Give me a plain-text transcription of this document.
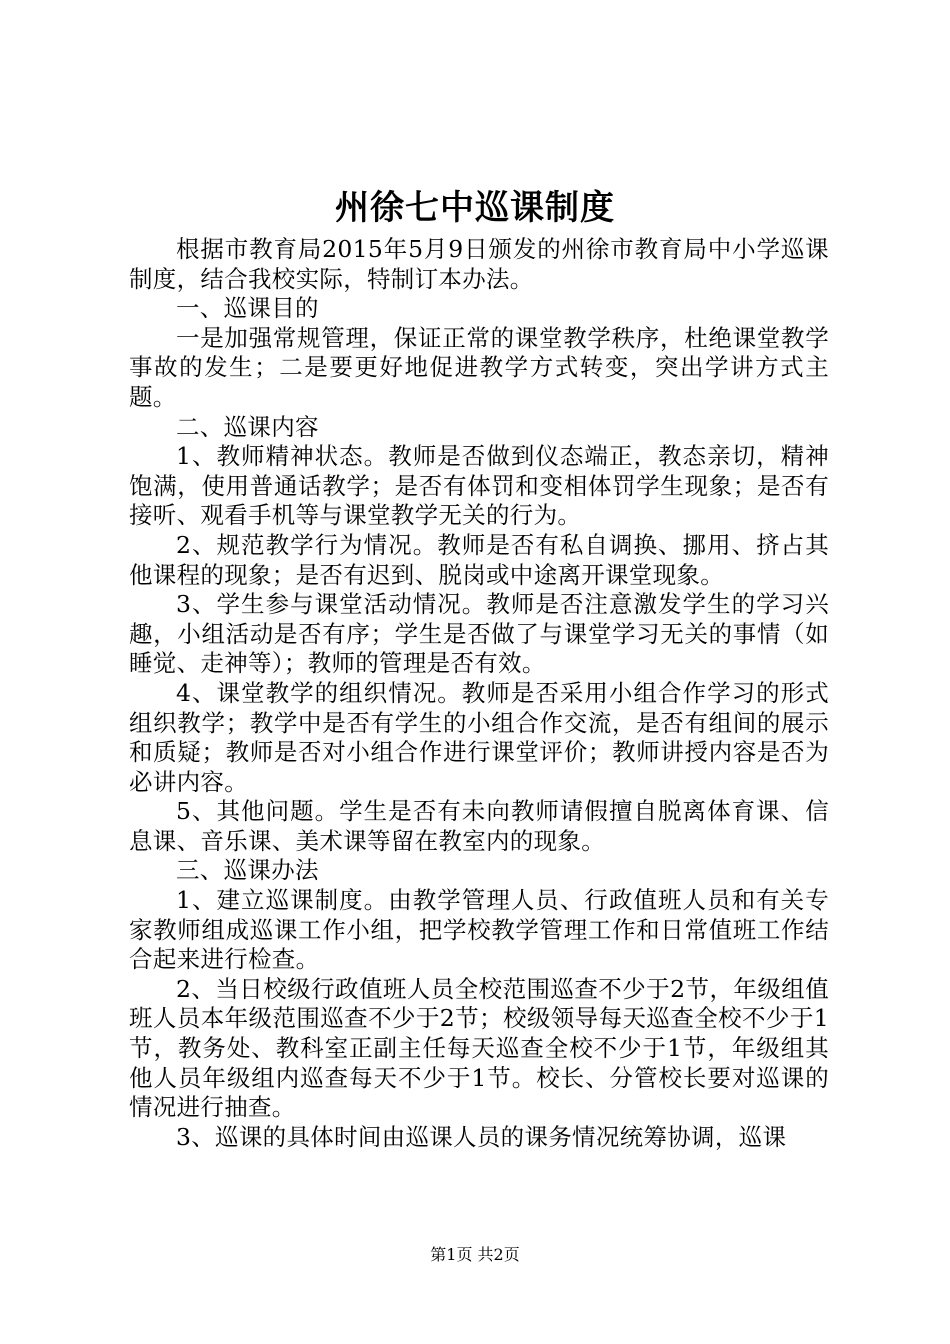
州徐七中巡课制度

根据市教育局2015年5月9日颁发的州徐市教育局中小学巡课制度，结合我校实际，特制订本办法。

一、巡课目的

一是加强常规管理，保证正常的课堂教学秩序，杜绝课堂教学事故的发生；二是要更好地促进教学方式转变，突出学讲方式主题。

二、巡课内容

1、教师精神状态。教师是否做到仪态端正，教态亲切，精神饱满，使用普通话教学；是否有体罚和变相体罚学生现象；是否有接听、观看手机等与课堂教学无关的行为。

2、规范教学行为情况。教师是否有私自调换、挪用、挤占其他课程的现象；是否有迟到、脱岗或中途离开课堂现象。

3、学生参与课堂活动情况。教师是否注意激发学生的学习兴趣，小组活动是否有序；学生是否做了与课堂学习无关的事情（如睡觉、走神等）；教师的管理是否有效。

4、课堂教学的组织情况。教师是否采用小组合作学习的形式组织教学；教学中是否有学生的小组合作交流，是否有组间的展示和质疑；教师是否对小组合作进行课堂评价；教师讲授内容是否为必讲内容。

5、其他问题。学生是否有未向教师请假擅自脱离体育课、信息课、音乐课、美术课等留在教室内的现象。

三、巡课办法

1、建立巡课制度。由教学管理人员、行政值班人员和有关专家教师组成巡课工作小组，把学校教学管理工作和日常值班工作结合起来进行检查。

2、当日校级行政值班人员全校范围巡查不少于2节，年级组值班人员本年级范围巡查不少于2节；校级领导每天巡查全校不少于1节，教务处、教科室正副主任每天巡查全校不少于1节，年级组其他人员年级组内巡查每天不少于1节。校长、分管校长要对巡课的情况进行抽查。

3、巡课的具体时间由巡课人员的课务情况统筹协调，巡课

第1页 共2页
